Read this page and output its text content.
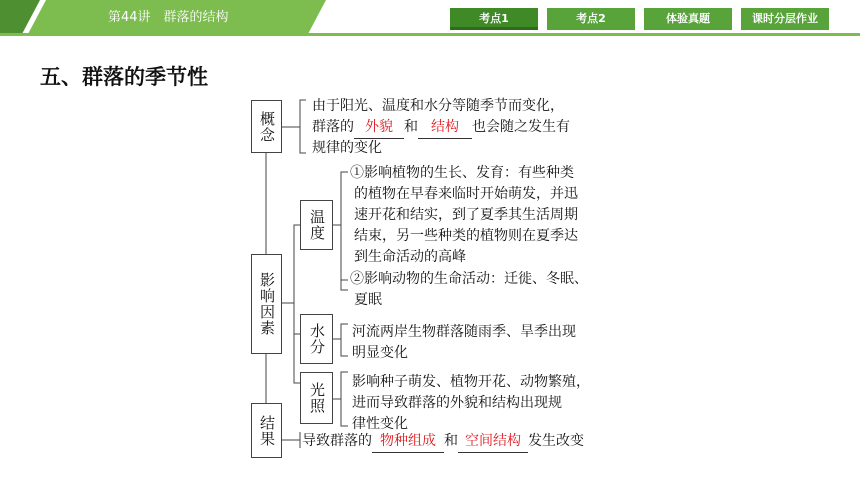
第44讲　群落的结构	考点1	考点2	体验真题	课时分层作业
五、群落的季节性
概念
影响因素
结果
温度
水分
光照
由于阳光、温度和水分等随季节而变化，
群落的 外貌 和 结构 也会随之发生有
规律的变化
①影响植物的生长、发育：有些种类
的植物在早春来临时开始萌发，并迅
速开花和结实，到了夏季其生活周期
结束，另一些种类的植物则在夏季达
到生命活动的高峰
②影响动物的生命活动：迁徙、冬眠、
夏眠
河流两岸生物群落随雨季、旱季出现
明显变化
影响种子萌发、植物开花、动物繁殖，
进而导致群落的外貌和结构出现规
律性变化
导致群落的 物种组成 和 空间结构 发生改变
